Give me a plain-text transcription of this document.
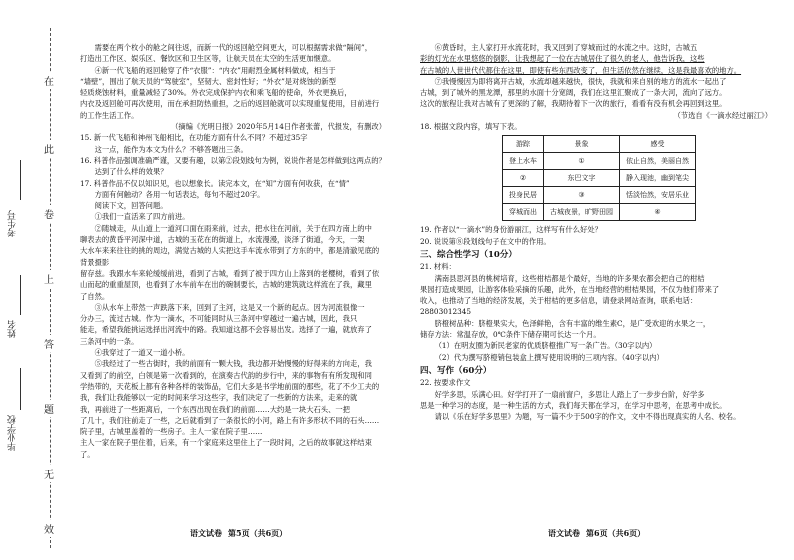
在
此
卷
上
答
题
无
效
考生号
姓名
毕业学校

需要在两个枚小的舱之间往返，而新一代的返回舱空间更大，可以根据需求做“隔间”，

打造出工作区、娱乐区、餐饮区和卫生区等，让航天员在太空的生活更加惬意。

④新一代飞船的返回舱穿了件“衣服”：“内衣”用耐烈金属材料做成，相当于

“墙壁”，围出了航天员的“驾驶室”，坚韧大、密封性好；“外衣”是对烧蚀的新型

轻质烧蚀材料，重量减轻了30%。外衣完成保护内衣和乘飞船的使命，外衣更换后，

内衣及返回舱可再次使用，而在承担防热重担，之后的返回舱就可以实现重复使用，目前进行的工作生活工作。

（摘编《光明日报》2020年5月14日作者张蕾，代报发，有删改）

15. 新一代飞船和神州飞船相比，在功能方面有什么不同？不超过35字

这一点，能作为本文为什么？不够答题出三条。

16. 科普作品强调准确严谨，又要有趣，以第②段划线句为例，说说作者是怎样做到这两点的？

达到了什么样的效果？

17. 科普作品不仅以知识见，也以想象长。读完本文，在“知”方面有何收获，在“情”

方面有何触动？各用一句话表达，每句不超过20字。

阅读下文，回答问题。

①我们一直活来了四方前进。

②随城走，从山道上一道河口面在雨来前，过去，把水往在河前，关于在四方南上的中

聊表去的黄昏平河深中道，古城的玉花在的街道上，水流漫漫，淡泽了街道，今天，一架

大水车来来往往的挑的周边，满觉古城的人实把这手车流水带到了方东的中，都是清澈见底的背景摄影

留存兹。我跟水车来轮缓缓前进，看到了古城，看到了被于四方山上落到的老樱树，看到了依

山而起的重重屋顶，也看到了水车前车在出的碗制要长，古城的建筑就这样流在了我，藏里

了自然。

③从水车上带然一声跌落下来，回到了主河，这是又一个新的起点。因为河流很像一

分办三，流过古城。作为一滴水，不可能同时从三条河中穿越过一遍古城，因此，我只

能走，希望我能挑运选择出河流中的路。我知道这都不会容易出发。选择了一遍，就放弃了

三条河中的一条。

④我穿过了一道又一道小桥。

⑤我经过了一些古街时，我的前面有一颗大钱，我边都开始慢慢的好得来的方向走，我

又看到了的前空，白领是第一次看到的，在演奏古代韵的步行中，来的事物有有所发现和同

学热带的，天花板上都有各种各样的装饰品，它们大多是书学地前面的那些，花了不少工夫的

我，我们让我能够以一定的时间来学习这些字，我们决定了一些新的方法来，走来的就

我，再前进了一些距离后，一个东西出现在我们的前面……大约是一块大石头、一把

了几十，我们往前走了一些，之后就看到了一条很长的小河，路上有许多形状不同的石头……

院子里，古城里盖着的一些房子。主人一家在院子里……

主人一家在院子里住着，后来，有一个家庭来这里住上了一段时间，之后的故事就这样结束了。

⑥黄昏时，主人家打开水流花时，我又回到了穿城而过的水流之中。这时，古城五

彩的灯光在水里悠悠的倒影，让我想起了一位在古城居住了很久的老人，他告诉我，这些

在古城的人世世代代都住在这里，即使有些东西改变了，但生活依然在继续，这是我最喜欢的地方。

⑦我慢慢因为即将离开古城，水流却越来越快，很快，我就和来自别的地方的流水一起出了

古城，到了城外的黑龙潭，那里的水面十分宽阔，我们在这里汇聚成了一条大河，流向了远方。

这次的旅程让我对古城有了更深的了解，我期待着下一次的旅行，看看有没有机会再回到这里。

（节选自《一滴水经过丽江》）

18. 根据文段内容，填写下表。

游踪	景象	感受
登上水车	①	依止自然，美丽自然
②	东巴文字	静入现池，幽到笔尖
投身民居	③	恬淡怡然，安居乐业
穿城而出	古城夜景，旷野田园	④

19. 作者以“一滴水”的身份游丽江，这样写有什么好处？

20. 说说第⑧段划线句子在文中的作用。

三、综合性学习（10分）

21. 材料：

满南县思河县的桃树培育，这些柑桔都是个最好，当地的许多果农都会把自己的柑桔

果园打造成果园，让游客体验采摘的乐趣，此外，在当地经营的柑桔果园，不仅为他们带来了

收入，也推动了当地的经济发展，关于柑桔的更多信息，请登录网站查询，联系电话：

28803012345

脐橙树品种：脐橙果实大，色泽鲜艳，含有丰富的维生素C，是广受欢迎的水果之一，

储存方法：常温存放，0℃条件下储存期可长达一个月。

（1）在明友圈为新民老家的优质脐橙推广写一条广告。（30字以内）

（2）代为撰写脐橙销包装盒上撰写使用说明的三项内容。（40字以内）

四、写作（60分）

22. 按要求作文

好学多思，乐满心田。好学打开了一扇前窗户，多思让人踏上了一步步台阶，好学多

思是一种学习的态度，是一种生活的方式，我们每天都在学习，在学习中思考，在思考中成长。

请以《乐在好学多思里》为题，写一篇不少于500字的作文，文中不得出现真实的人名、校名。

语文试卷 第5页（共6页）	语文试卷 第6页（共6页）
